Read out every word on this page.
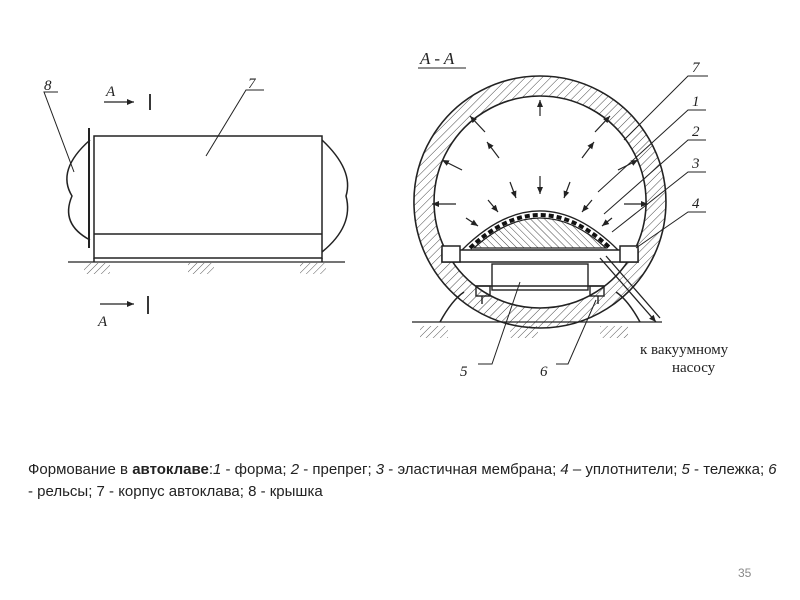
8	7
A
A
A - A	7
1
2
3
4
5	6
к вакуумному
насосу
Формование в автоклаве:1 - форма; 2 - препрег; 3 - эластичная мембрана; 4 – уплотнители; 5 - тележка; 6 - рельсы; 7 - корпус автоклава; 8 - крышка
35
